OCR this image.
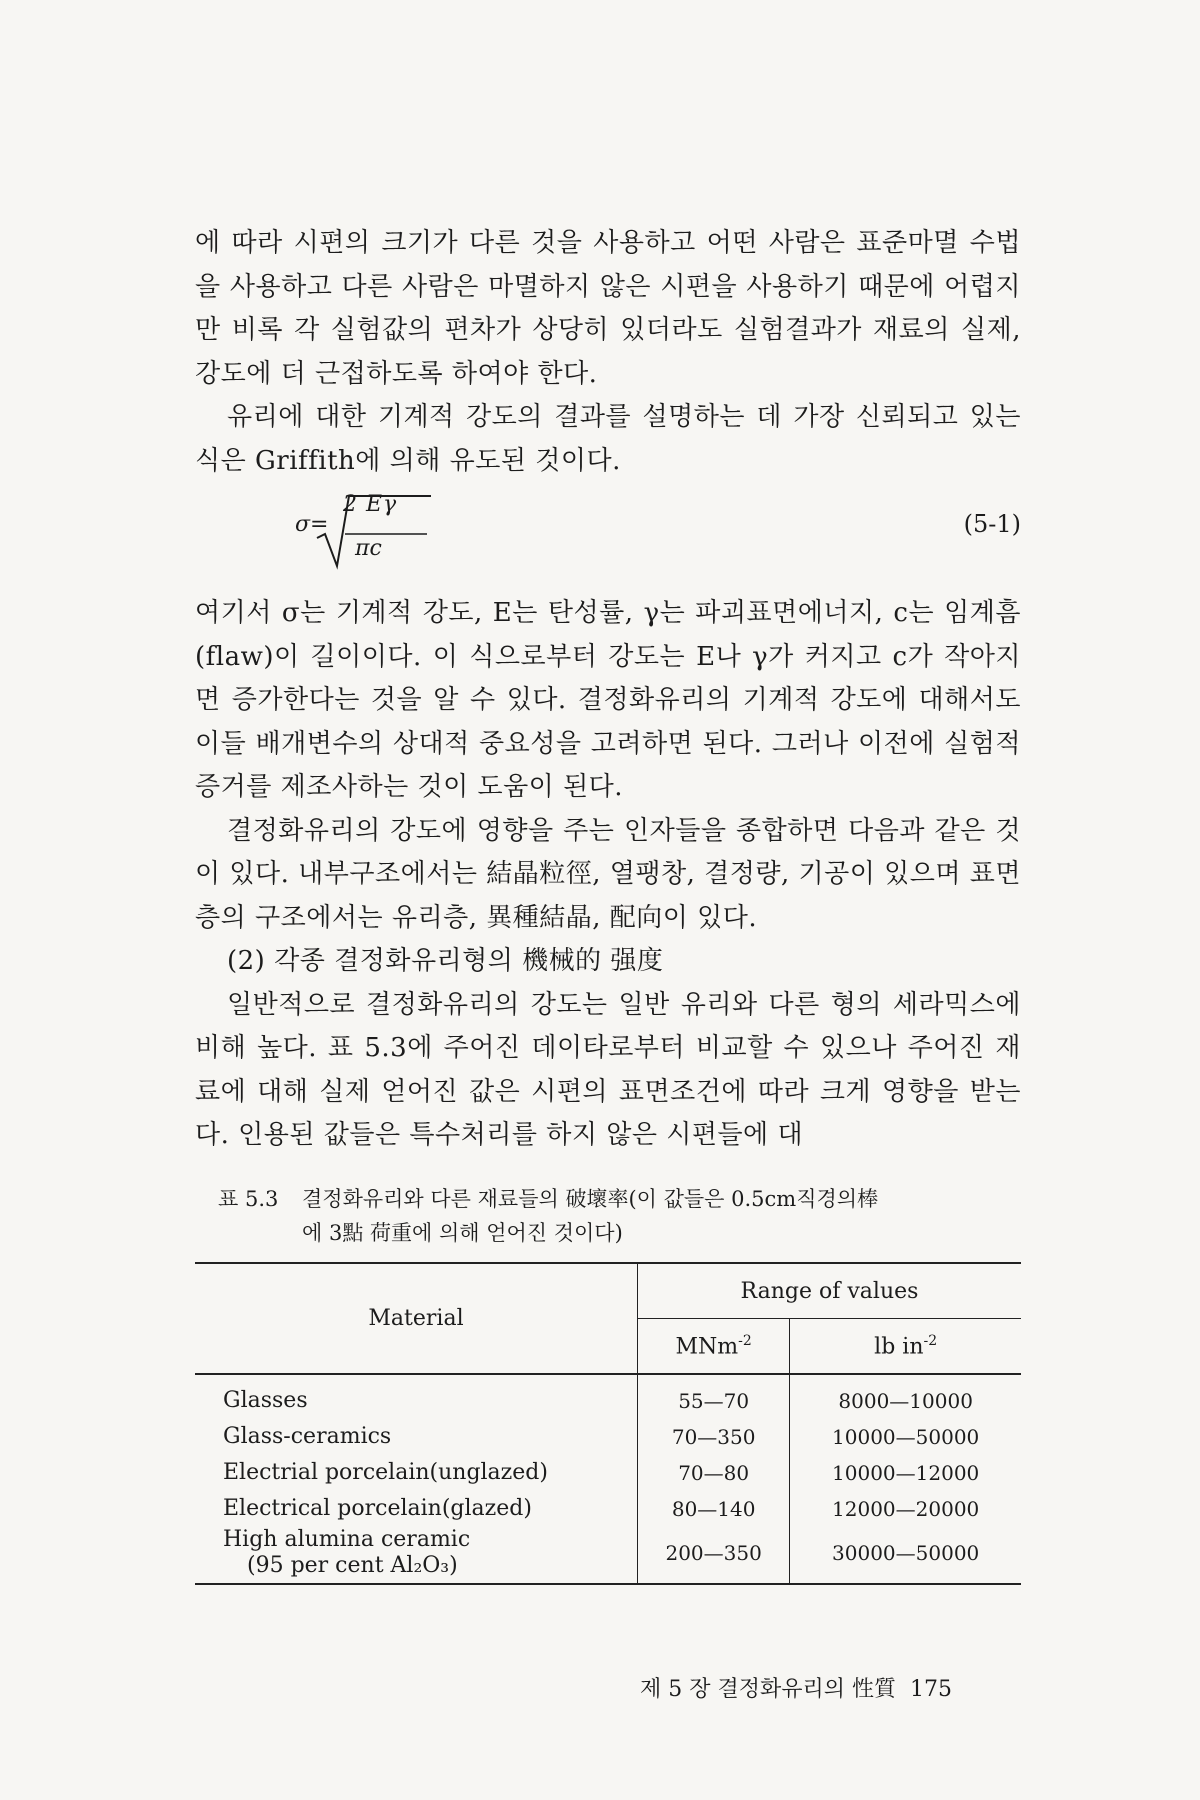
에 따라 시편의 크기가 다른 것을 사용하고 어떤 사람은 표준마멸 수법을 사용하고 다른 사람은 마멸하지 않은 시편을 사용하기 때문에 어렵지만 비록 각 실험값의 편차가 상당히 있더라도 실험결과가 재료의 실제, 강도에 더 근접하도록 하여야 한다.

유리에 대한 기계적 강도의 결과를 설명하는 데 가장 신뢰되고 있는 식은 Griffith에 의해 유도된 것이다.

σ=
2 Eγ
πc
(5-1)

여기서 σ는 기계적 강도, E는 탄성률, γ는 파괴표면에너지, c는 임계흠(flaw)이 길이이다. 이 식으로부터 강도는 E나 γ가 커지고 c가 작아지면 증가한다는 것을 알 수 있다. 결정화유리의 기계적 강도에 대해서도 이들 배개변수의 상대적 중요성을 고려하면 된다. 그러나 이전에 실험적 증거를 제조사하는 것이 도움이 된다.

결정화유리의 강도에 영향을 주는 인자들을 종합하면 다음과 같은 것이 있다. 내부구조에서는 結晶粒徑, 열팽창, 결정량, 기공이 있으며 표면층의 구조에서는 유리층, 異種結晶, 配向이 있다.

(2) 각종 결정화유리형의 機械的 强度

일반적으로 결정화유리의 강도는 일반 유리와 다른 형의 세라믹스에 비해 높다. 표 5.3에 주어진 데이타로부터 비교할 수 있으나 주어진 재료에 대해 실제 얻어진 값은 시편의 표면조건에 따라 크게 영향을 받는다. 인용된 값들은 특수처리를 하지 않은 시편들에 대

표 5.3 결정화유리와 다른 재료들의 破壞率(이 값들은 0.5cm직경의棒
에 3點 荷重에 의해 얻어진 것이다)
Material	Range of values	
	MNm$^{-2}$	lb $in^{-2}$
Glasses	55—70	8000—10000
Glass-ceramics	70—350	10000—50000
Electrial porcelain(unglazed)	70—80	10000—12000
Electrical porcelain(glazed)	80—140	12000—20000

High alumina ceramic
(95 per cent Al₂O₃)	200—350	30000—50000
제 5 장 결정화유리의 性質 175
